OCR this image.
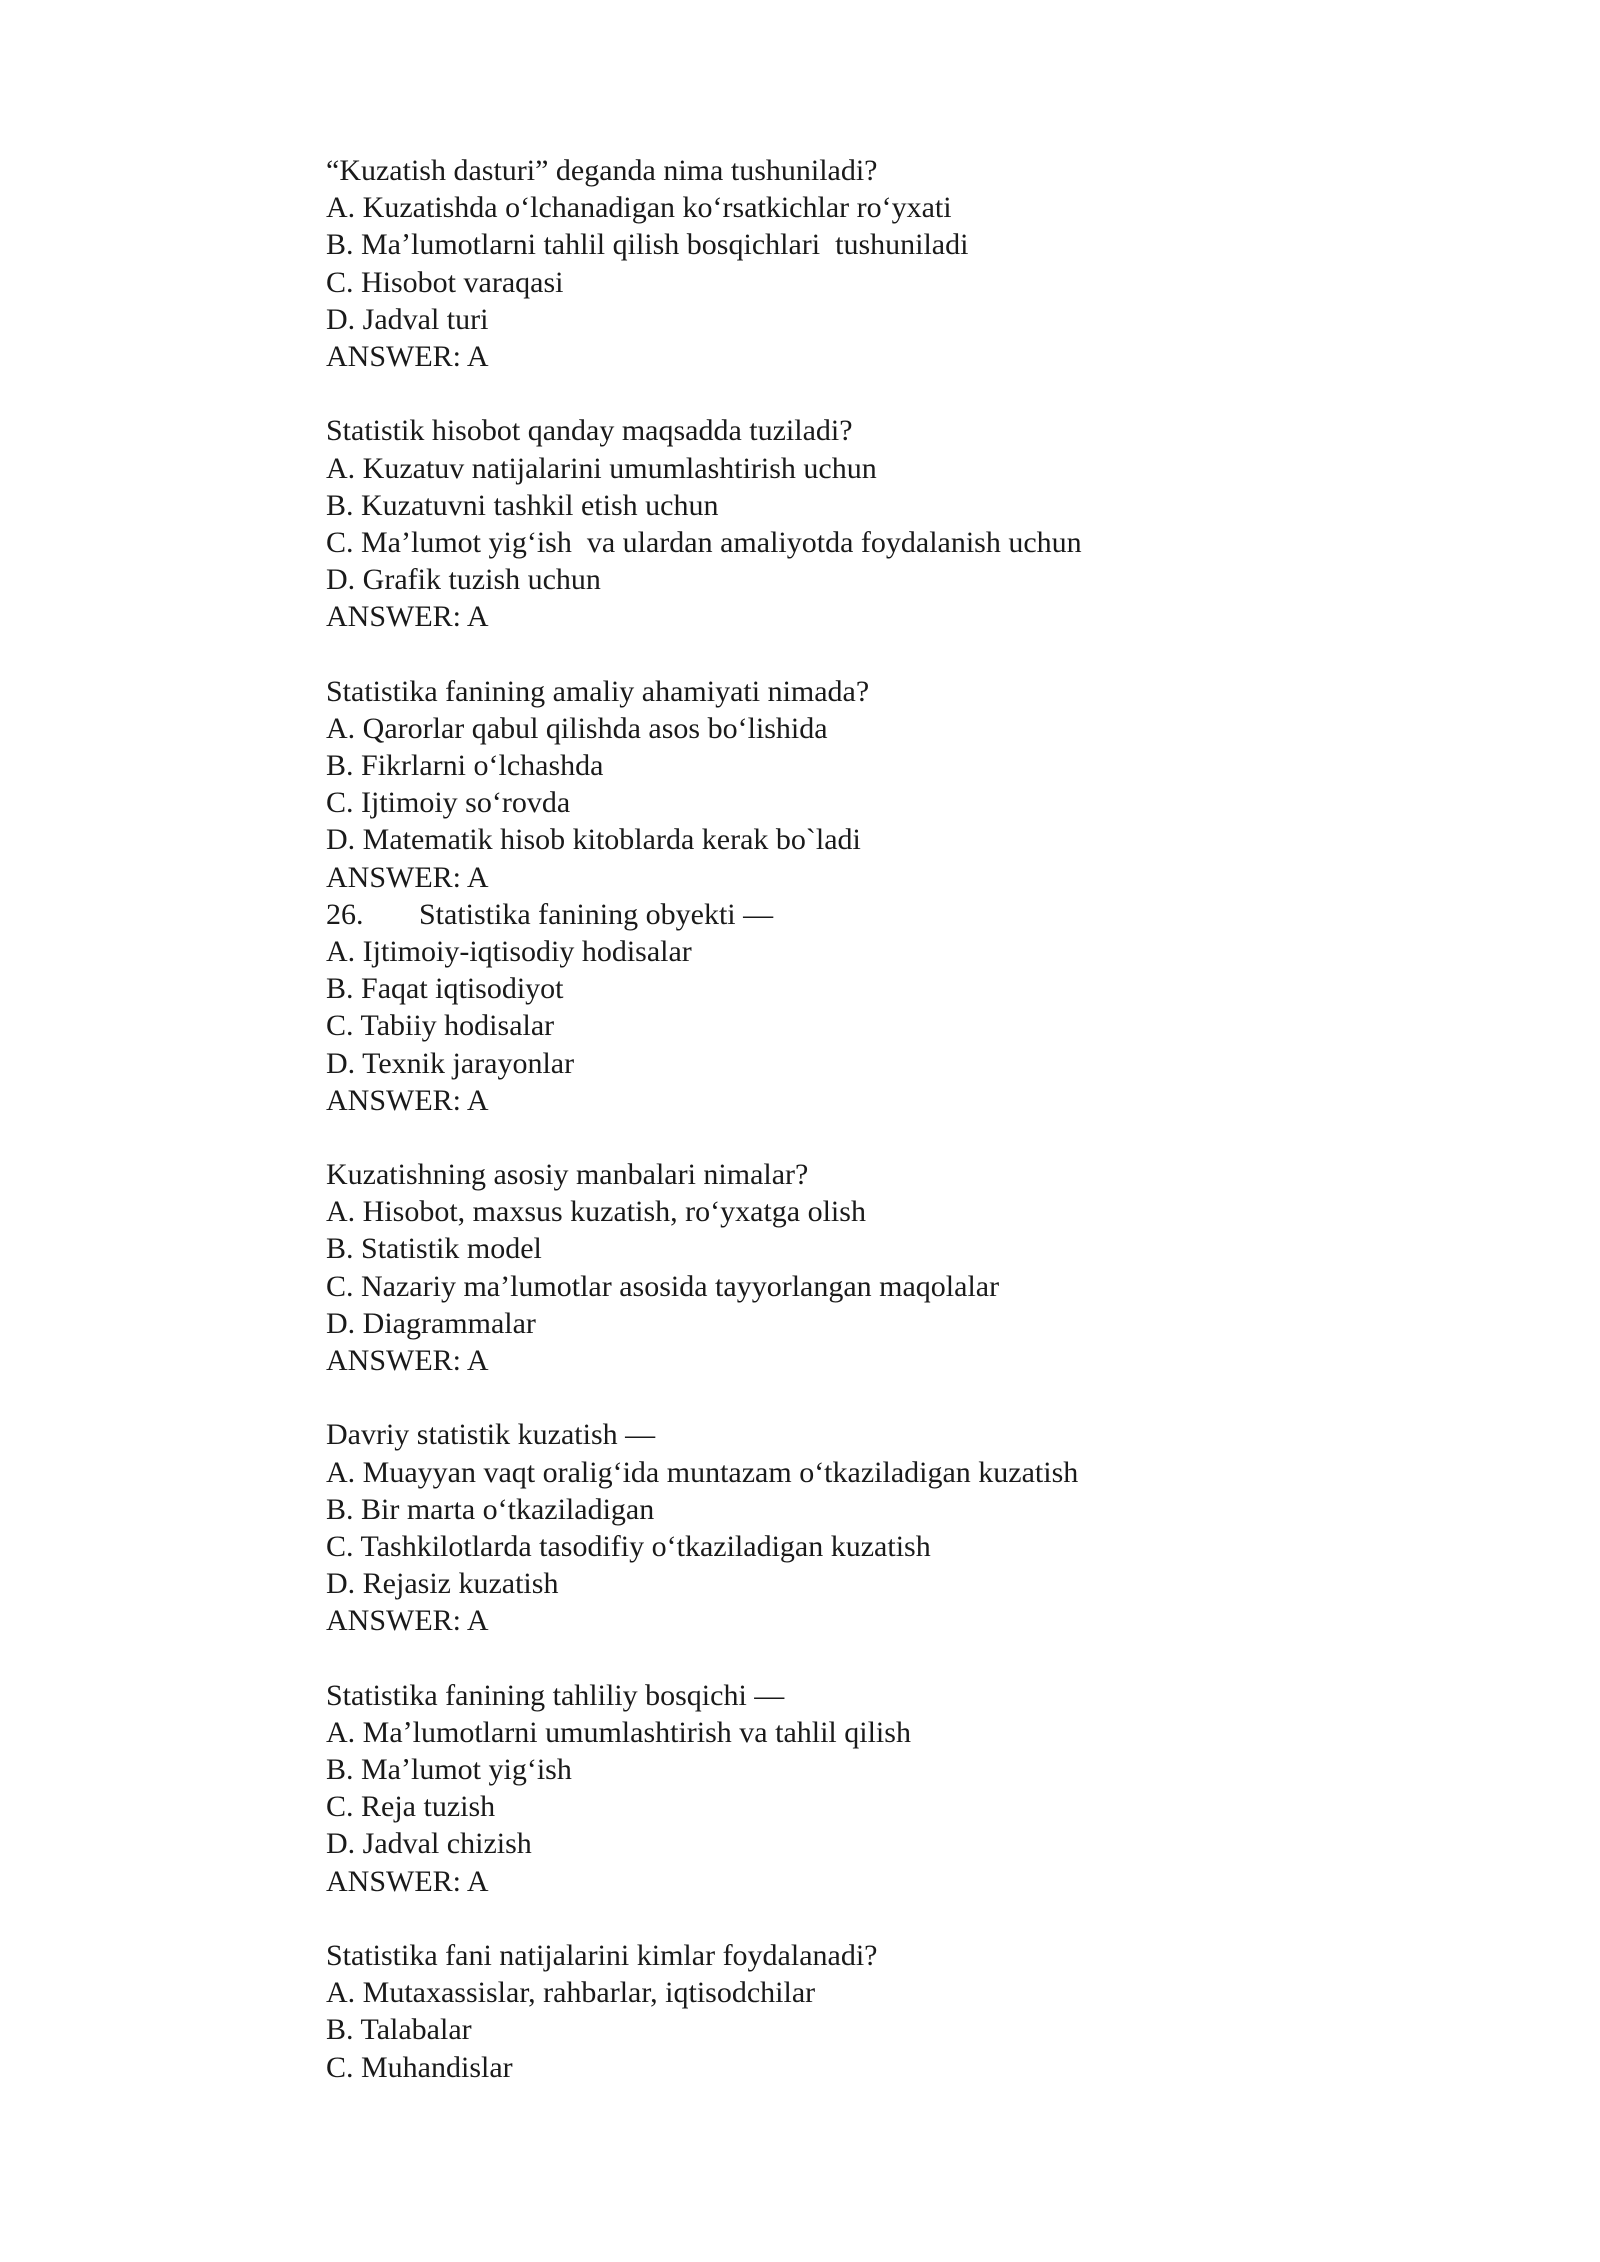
“Kuzatish dasturi” deganda nima tushuniladi?
A. Kuzatishda oʻlchanadigan koʻrsatkichlar roʻyxati
B. Maʼlumotlarni tahlil qilish bosqichlari  tushuniladi
C. Hisobot varaqasi
D. Jadval turi
ANSWER: A
Statistik hisobot qanday maqsadda tuziladi?
A. Kuzatuv natijalarini umumlashtirish uchun
B. Kuzatuvni tashkil etish uchun
C. Ma’lumot yigʻish  va ulardan amaliyotda foydalanish uchun
D. Grafik tuzish uchun
ANSWER: A
Statistika fanining amaliy ahamiyati nimada?
A. Qarorlar qabul qilishda asos boʻlishida
B. Fikrlarni oʻlchashda
C. Ijtimoiy soʻrovda
D. Matematik hisob kitoblarda kerak bo`ladi
ANSWER: A
26. Statistika fanining obyekti —
A. Ijtimoiy-iqtisodiy hodisalar
B. Faqat iqtisodiyot
C. Tabiiy hodisalar
D. Texnik jarayonlar
ANSWER: A
Kuzatishning asosiy manbalari nimalar?
A. Hisobot, maxsus kuzatish, roʻyxatga olish
B. Statistik model
C. Nazariy ma’lumotlar asosida tayyorlangan maqolalar
D. Diagrammalar
ANSWER: A
Davriy statistik kuzatish —
A. Muayyan vaqt oraligʻida muntazam oʻtkaziladigan kuzatish
B. Bir marta oʻtkaziladigan
C. Tashkilotlarda tasodifiy oʻtkaziladigan kuzatish
D. Rejasiz kuzatish
ANSWER: A
Statistika fanining tahliliy bosqichi —
A. Maʼlumotlarni umumlashtirish va tahlil qilish
B. Maʼlumot yigʻish
C. Reja tuzish
D. Jadval chizish
ANSWER: A
Statistika fani natijalarini kimlar foydalanadi?
A. Mutaxassislar, rahbarlar, iqtisodchilar
B. Talabalar
C. Muhandislar
